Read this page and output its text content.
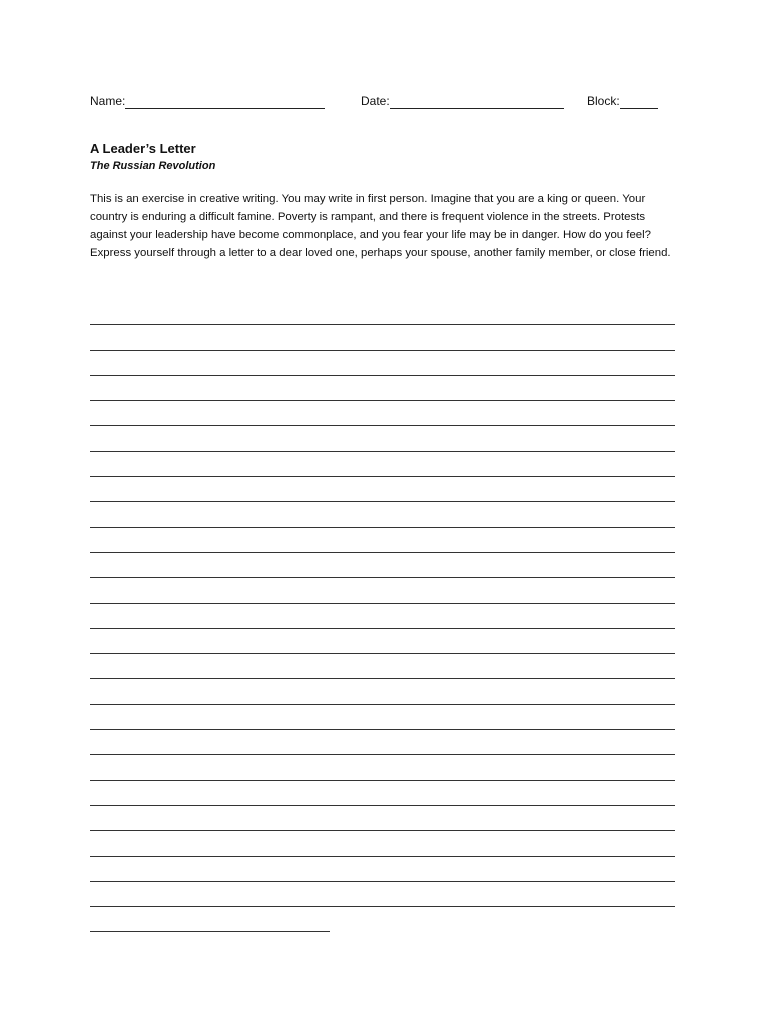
Name:	Date:	Block:
A Leader’s Letter
The Russian Revolution

This is an exercise in creative writing. You may write in first person. Imagine that you are a king or queen. Your country is enduring a difficult famine. Poverty is rampant, and there is frequent violence in the streets. Protests against your leadership have become commonplace, and you fear your life may be in danger. How do you feel? Express yourself through a letter to a dear loved one, perhaps your spouse, another family member, or close friend.
